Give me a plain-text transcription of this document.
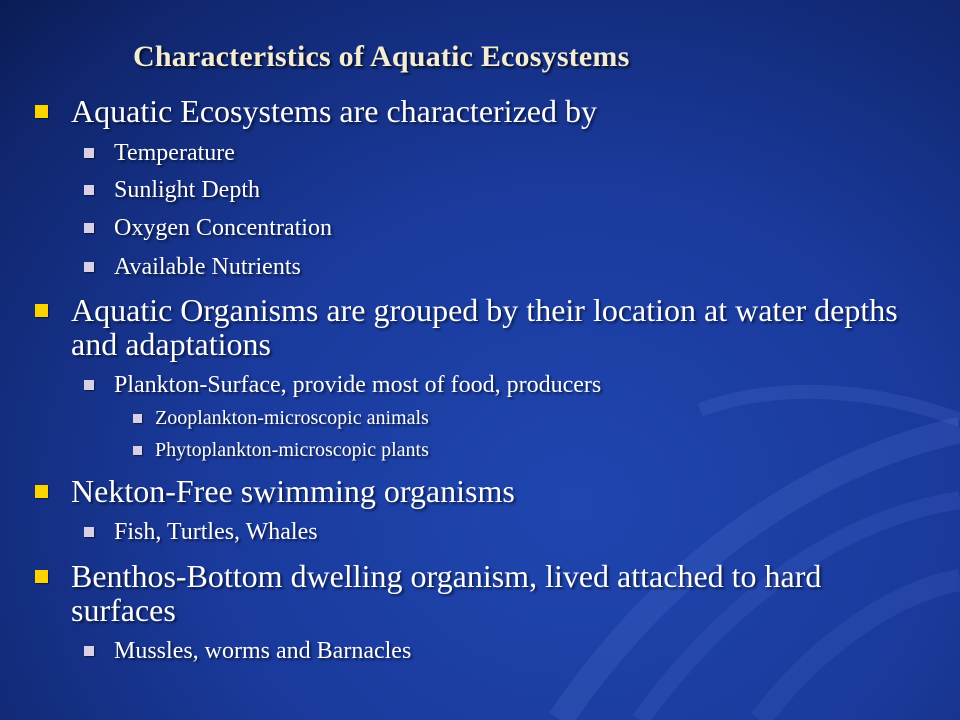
Characteristics of Aquatic Ecosystems
Aquatic Ecosystems are characterized by
Temperature
Sunlight Depth
Oxygen Concentration
Available Nutrients
Aquatic Organisms are grouped by their location at water depths and adaptations
Plankton-Surface, provide most of food, producers
Zooplankton-microscopic animals
Phytoplankton-microscopic plants
Nekton-Free swimming organisms
Fish, Turtles, Whales
Benthos-Bottom dwelling organism, lived attached to hard surfaces
Mussles, worms and Barnacles
